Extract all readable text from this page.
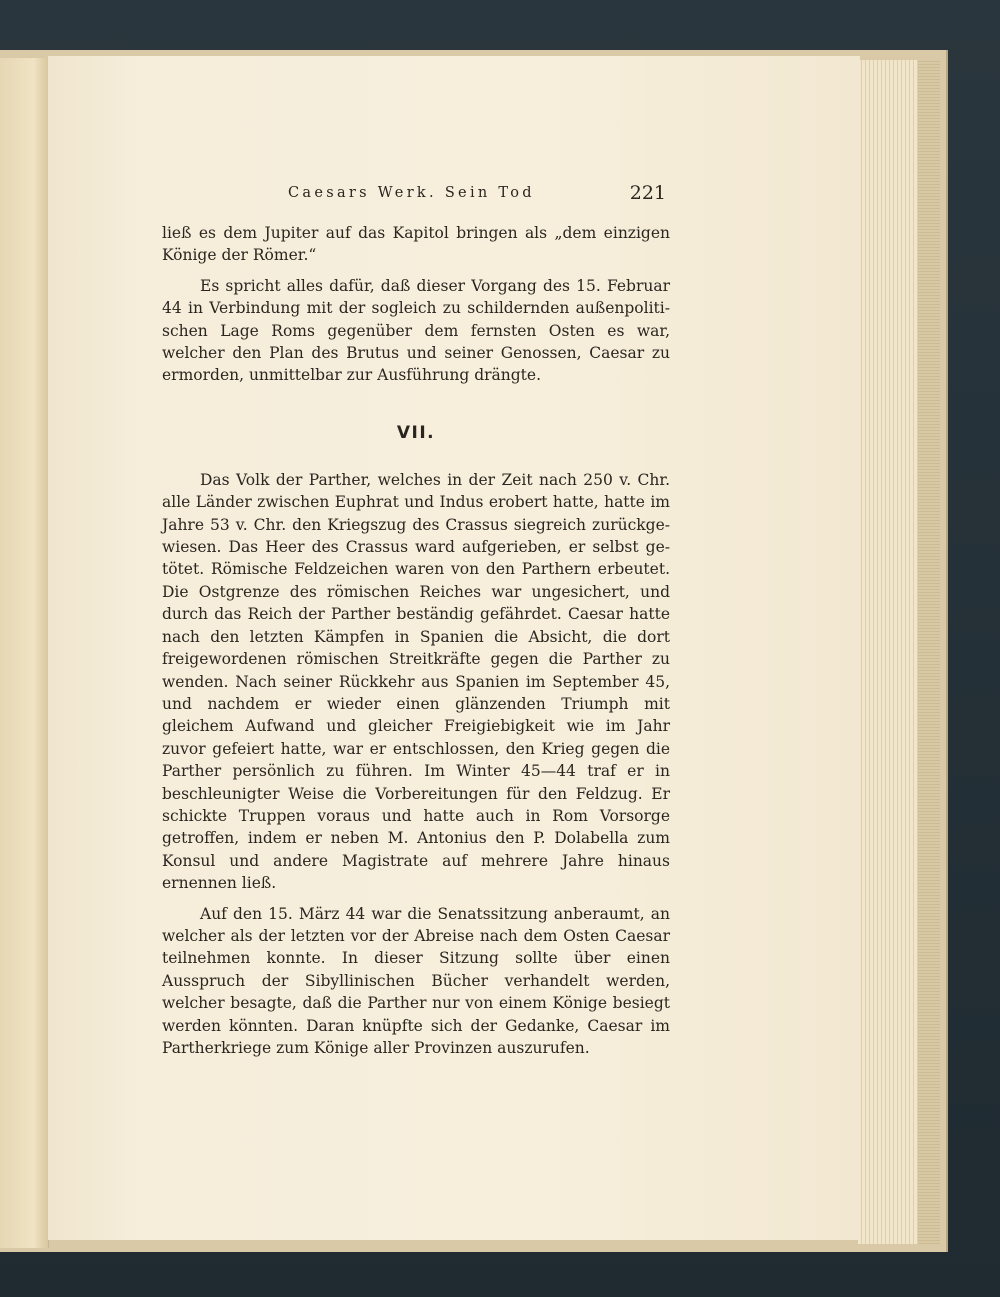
Caesars Werk. Sein Tod	221

ließ es dem Jupiter auf das Kapitol bringen als „dem einzigen Könige der Römer.“

Es spricht alles dafür, daß dieser Vorgang des 15. Februar 44 in Verbindung mit der sogleich zu schildernden außenpolitischen Lage Roms gegenüber dem fernsten Osten es war, welcher den Plan des Brutus und seiner Genossen, Caesar zu ermorden, unmittelbar zur Ausführung drängte.

VII.

Das Volk der Parther, welches in der Zeit nach 250 v. Chr. alle Länder zwischen Euphrat und Indus erobert hatte, hatte im Jahre 53 v. Chr. den Kriegszug des Crassus siegreich zurückgewiesen. Das Heer des Crassus ward aufgerieben, er selbst getötet. Römische Feldzeichen waren von den Parthern erbeutet. Die Ostgrenze des römischen Reiches war ungesichert, und durch das Reich der Parther beständig gefährdet. Caesar hatte nach den letzten Kämpfen in Spanien die Absicht, die dort freigewordenen römischen Streitkräfte gegen die Parther zu wenden. Nach seiner Rückkehr aus Spanien im September 45, und nachdem er wieder einen glänzenden Triumph mit gleichem Aufwand und gleicher Freigiebigkeit wie im Jahr zuvor gefeiert hatte, war er entschlossen, den Krieg gegen die Parther persönlich zu führen. Im Winter 45—44 traf er in beschleunigter Weise die Vorbereitungen für den Feldzug. Er schickte Truppen voraus und hatte auch in Rom Vorsorge getroffen, indem er neben M. Antonius den P. Dolabella zum Konsul und andere Magistrate auf mehrere Jahre hinaus ernennen ließ.

Auf den 15. März 44 war die Senatssitzung anberaumt, an welcher als der letzten vor der Abreise nach dem Osten Caesar teilnehmen konnte. In dieser Sitzung sollte über einen Ausspruch der Sibyllinischen Bücher verhandelt werden, welcher besagte, daß die Parther nur von einem Könige besiegt werden könnten. Daran knüpfte sich der Gedanke, Caesar im Partherkriege zum Könige aller Provinzen auszurufen.
